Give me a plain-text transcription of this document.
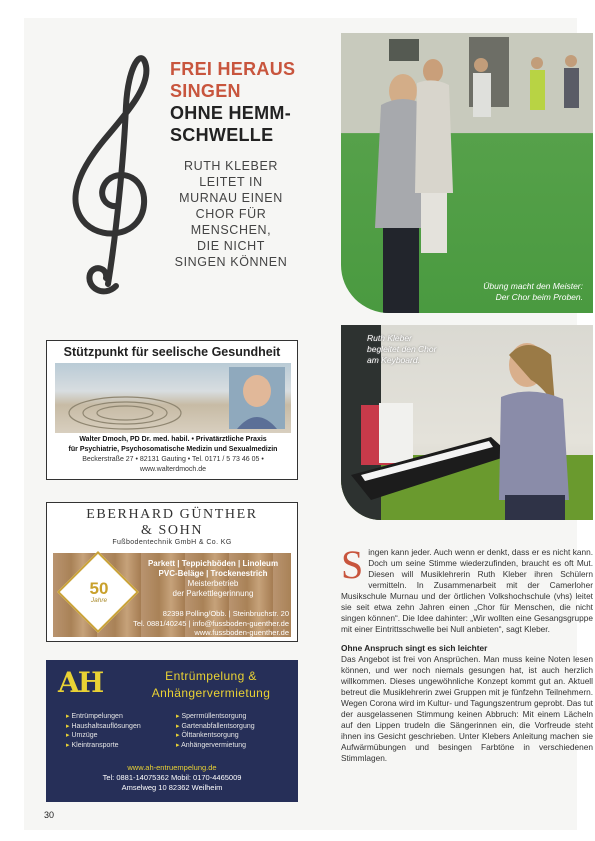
FREI HERAUS
SINGEN
OHNE HEMM-
SCHWELLE
RUTH KLEBER
LEITET IN
MURNAU EINEN
CHOR FÜR
MENSCHEN,
DIE NICHT
SINGEN KÖNNEN
Übung macht den Meister:
Der Chor beim Proben.
Ruth Kleber
begleitet den Chor
am Keyboard.
Stützpunkt für seelische Gesundheit
Walter Dmoch, PD Dr. med. habil. • Privatärztliche Praxis
für Psychiatrie, Psychosomatische Medizin und Sexualmedizin
Beckerstraße 27 • 82131 Gauting • Tel. 0171 / 5 73 46 05 • www.walterdmoch.de
EBERHARD GÜNTHER
& SOHN
Fußbodentechnik GmbH & Co. KG
50
Jahre
Parkett | Teppichböden | Linoleum
PVC-Beläge | Trockenestrich
Meisterbetrieb
der Parkettlegerinnung
82398 Polling/Obb. | Steinbruchstr. 20
Tel. 0881/40245 | info@fussboden-guenther.de
www.fussboden-guenther.de
AH	Entrümpelung &
Anhängervermietung
▸ Entrümpelungen
▸ Haushaltsauflösungen
▸ Umzüge
▸ Kleintransporte
▸ Sperrmüllentsorgung
▸ Gartenabfallentsorgung
▸ Ölttankentsorgung
▸ Anhängervermietung
www.ah-entruempelung.de
Tel: 0881-14075362 Mobil: 0170-4465009
Amselweg 10 82362 Weilheim
S ingen kann jeder. Auch wenn er denkt, dass er es nicht kann. Doch um seine Stimme wiederzufinden, braucht es oft Mut. Diesen will Musiklehrerin Ruth Kleber ihren Schülern vermitteln. In Zusammenarbeit mit der Camerloher Musikschule Murnau und der örtlichen Volkshochschule (vhs) leitet sie seit etwa zehn Jahren einen „Chor für Menschen, die nicht singen können“. Die Idee dahinter: „Wir wollten eine Gesangsgruppe mit einer Eintrittsschwelle bei Null anbieten“, sagt Kleber.
Ohne Anspruch singt es sich leichter
Das Angebot ist frei von Ansprüchen. Man muss keine Noten lesen können, und wer noch niemals gesungen hat, ist auch herzlich willkommen. Dieses ungewöhnliche Konzept kommt gut an. Aktuell betreut die Musiklehrerin zwei Gruppen mit je fünfzehn Teilnehmern. Wegen Corona wird im Kultur- und Tagungszentrum geprobt. Das tut der ausgelassenen Stimmung keinen Abbruch: Mit einem Lächeln auf den Lippen trudeln die Sängerinnen ein, die Vorfreude steht ihnen ins Gesicht geschrieben. Unter Klebers Anleitung machen sie Aufwärmübungen und besingen Farbtöne in verschiedenen Stimmlagen.
30
